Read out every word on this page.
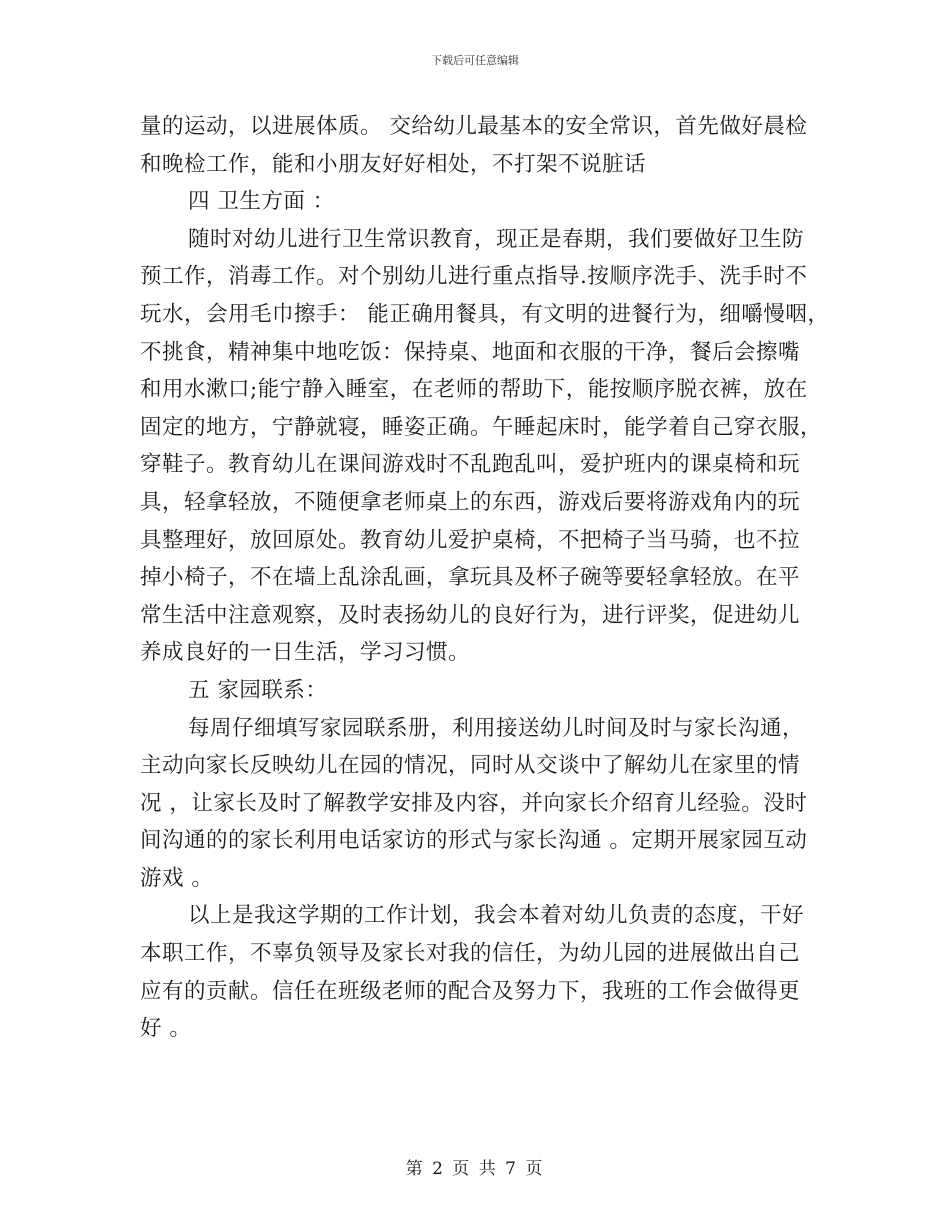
下载后可任意编辑
量的运动，以进展体质。 交给幼儿最基本的安全常识，首先做好晨检
和晚检工作，能和小朋友好好相处，不打架不说脏话
四 卫生方面 ：
随时对幼儿进行卫生常识教育，现正是春期，我们要做好卫生防
预工作，消毒工作。对个别幼儿进行重点指导.按顺序洗手、洗手时不
玩水，会用毛巾擦手： 能正确用餐具，有文明的进餐行为，细嚼慢咽，
不挑食，精神集中地吃饭：保持桌、地面和衣服的干净，餐后会擦嘴
和用水漱口;能宁静入睡室，在老师的帮助下，能按顺序脱衣裤，放在
固定的地方，宁静就寝，睡姿正确。午睡起床时，能学着自己穿衣服，
穿鞋子。教育幼儿在课间游戏时不乱跑乱叫，爱护班内的课桌椅和玩
具，轻拿轻放，不随便拿老师桌上的东西，游戏后要将游戏角内的玩
具整理好，放回原处。教育幼儿爱护桌椅，不把椅子当马骑，也不拉
掉小椅子，不在墙上乱涂乱画，拿玩具及杯子碗等要轻拿轻放。在平
常生活中注意观察，及时表扬幼儿的良好行为，进行评奖，促进幼儿
养成良好的一日生活，学习习惯。
五 家园联系：
每周仔细填写家园联系册，利用接送幼儿时间及时与家长沟通，
主动向家长反映幼儿在园的情况，同时从交谈中了解幼儿在家里的情
况 ，让家长及时了解教学安排及内容，并向家长介绍育儿经验。没时
间沟通的的家长利用电话家访的形式与家长沟通 。定期开展家园互动
游戏 。
以上是我这学期的工作计划，我会本着对幼儿负责的态度，干好
本职工作，不辜负领导及家长对我的信任，为幼儿园的进展做出自己
应有的贡献。信任在班级老师的配合及努力下，我班的工作会做得更
好 。
第 2 页 共 7 页
